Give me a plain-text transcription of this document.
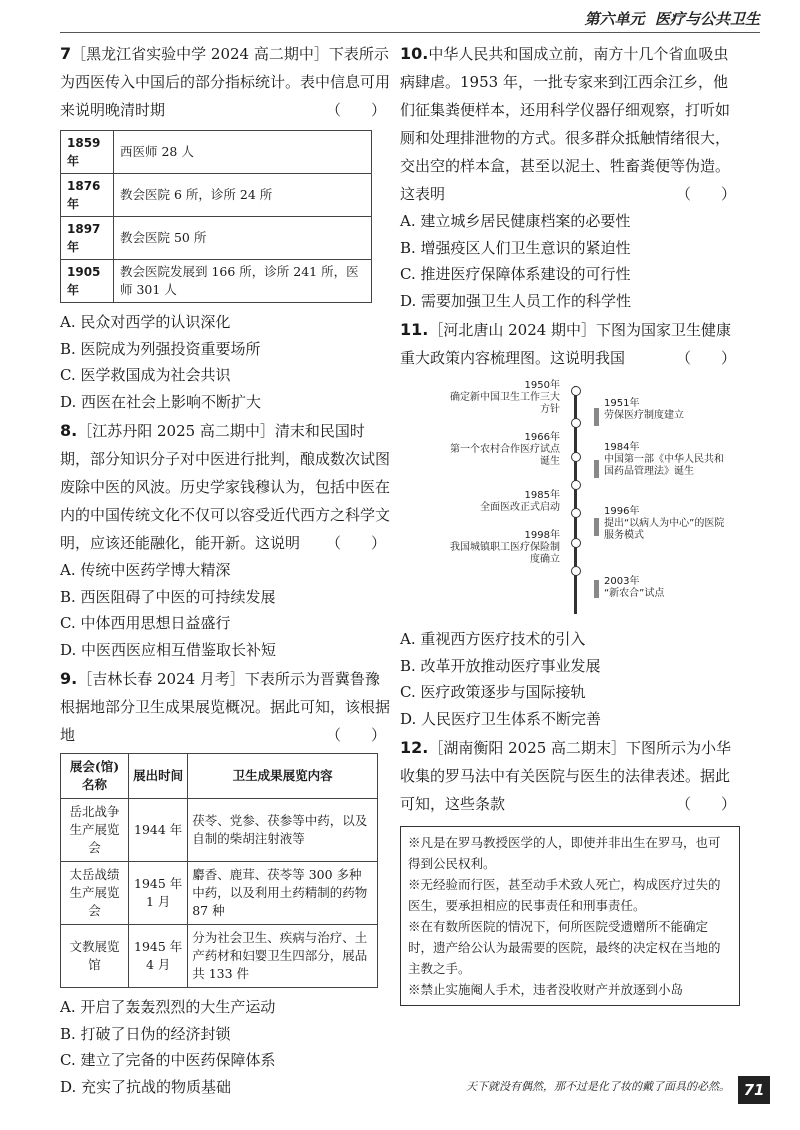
第六单元 医疗与公共卫生

7［黑龙江省实验中学 2024 高二期中］下表所示为西医传入中国后的部分指标统计。表中信息可用来说明晚清时期	（　　）

1859 年	西医师 28 人
1876 年	教会医院 6 所，诊所 24 所
1897 年	教会医院 50 所
1905 年	教会医院发展到 166 所，诊所 241 所，医师 301 人

A. 民众对西学的认识深化

B. 医院成为列强投资重要场所

C. 医学救国成为社会共识

D. 西医在社会上影响不断扩大

8.［江苏丹阳 2025 高二期中］清末和民国时期，部分知识分子对中医进行批判，酿成数次试图废除中医的风波。历史学家钱穆认为，包括中医在内的中国传统文化不仅可以容受近代西方之科学文明，应该还能融化，能开新。这说明 （　　）

A. 传统中医药学博大精深

B. 西医阻碍了中医的可持续发展

C. 中体西用思想日益盛行

D. 中医西医应相互借鉴取长补短

9.［吉林长春 2024 月考］下表所示为晋冀鲁豫根据地部分卫生成果展览概况。据此可知，该根据地	（　　）

展会(馆)名称	展出时间	卫生成果展览内容
岳北战争生产展览会	1944 年	茯苓、党参、茯参等中药，以及自制的柴胡注射液等
太岳战绩生产展览会	1945 年 1 月	麝香、鹿茸、茯苓等 300 多种中药，以及利用土药精制的药物 87 种
文教展览馆	1945 年 4 月	分为社会卫生、疾病与治疗、土产药材和妇婴卫生四部分，展品共 133 件

A. 开启了轰轰烈烈的大生产运动

B. 打破了日伪的经济封锁

C. 建立了完备的中医药保障体系

D. 充实了抗战的物质基础

10.中华人民共和国成立前，南方十几个省血吸虫病肆虐。1953 年，一批专家来到江西余江乡，他们征集粪便样本，还用科学仪器仔细观察，打听如厕和处理排泄物的方式。很多群众抵触情绪很大，交出空的样本盒，甚至以泥土、牲畜粪便等伪造。这表明	（　　）

A. 建立城乡居民健康档案的必要性

B. 增强疫区人们卫生意识的紧迫性

C. 推进医疗保障体系建设的可行性

D. 需要加强卫生人员工作的科学性

11.［河北唐山 2024 期中］下图为国家卫生健康重大政策内容梳理图。这说明我国	（　　）

1950年
确定新中国卫生工作三大方针
1966年
第一个农村合作医疗试点诞生
1985年
全面医改正式启动
1998年
我国城镇职工医疗保险制度确立
1951年
劳保医疗制度建立
1984年
中国第一部《中华人民共和国药品管理法》诞生
1996年
提出“以病人为中心”的医院服务模式
2003年
“新农合”试点

A. 重视西方医疗技术的引入

B. 改革开放推动医疗事业发展

C. 医疗政策逐步与国际接轨

D. 人民医疗卫生体系不断完善

12.［湖南衡阳 2025 高二期末］下图所示为小华收集的罗马法中有关医院与医生的法律表述。据此可知，这些条款	（　　）

※凡是在罗马教授医学的人，即使并非出生在罗马，也可得到公民权利。
※无经验而行医，甚至动手术致人死亡，构成医疗过失的医生，要承担相应的民事责任和刑事责任。
※在有数所医院的情况下，何所医院受遗赠所不能确定时，遗产给公认为最需要的医院，最终的决定权在当地的主教之手。
※禁止实施阉人手术，违者没收财产并放逐到小岛
天下就没有偶然，那不过是化了妆的戴了面具的必然。 71
